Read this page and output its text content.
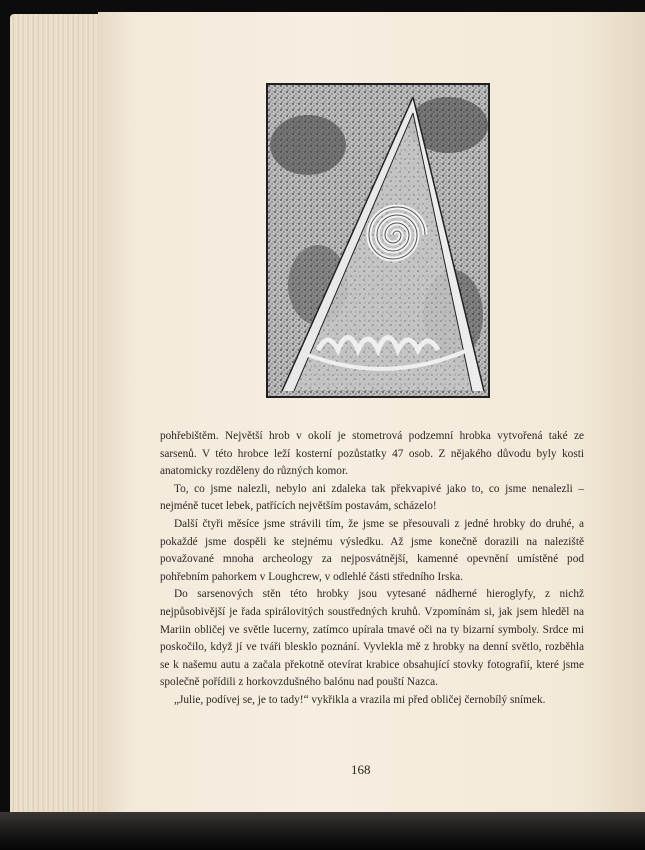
pohřebištěm. Největší hrob v okolí je stometrová podzemní hrobka vytvořená také ze sarsenů. V této hrobce leží kosterní pozůstatky 47 osob. Z nějakého důvodu byly kosti anatomicky rozděleny do různých komor.

To, co jsme nalezli, nebylo ani zdaleka tak překvapivé jako to, co jsme nenalezli – nejméně tucet lebek, patřících největším postavám, scházelo!

Další čtyři měsíce jsme strávili tím, že jsme se přesouvali z jedné hrobky do druhé, a pokaždé jsme dospěli ke stejnému výsledku. Až jsme konečně dorazili na naleziště považované mnoha archeology za nejposvátnější, kamenné opevnění umístěné pod pohřebním pahorkem v Loughcrew, v odlehlé části středního Irska.

Do sarsenových stěn této hrobky jsou vytesané nádherné hieroglyfy, z nichž nejpůsobivější je řada spirálovitých soustředných kruhů. Vzpomínám si, jak jsem hleděl na Mariin obličej ve světle lucerny, zatímco upírala tmavé oči na ty bizarní symboly. Srdce mi poskočilo, když jí ve tváři blesklo poznání. Vyvlekla mě z hrobky na denní světlo, rozběhla se k našemu autu a začala překotně otevírat krabice obsahující stovky fotografií, které jsme společně pořídili z horkovzdušného balónu nad pouští Nazca.

„Julie, podívej se, je to tady!“ vykřikla a vrazila mi před obličej černobílý snímek.

168
